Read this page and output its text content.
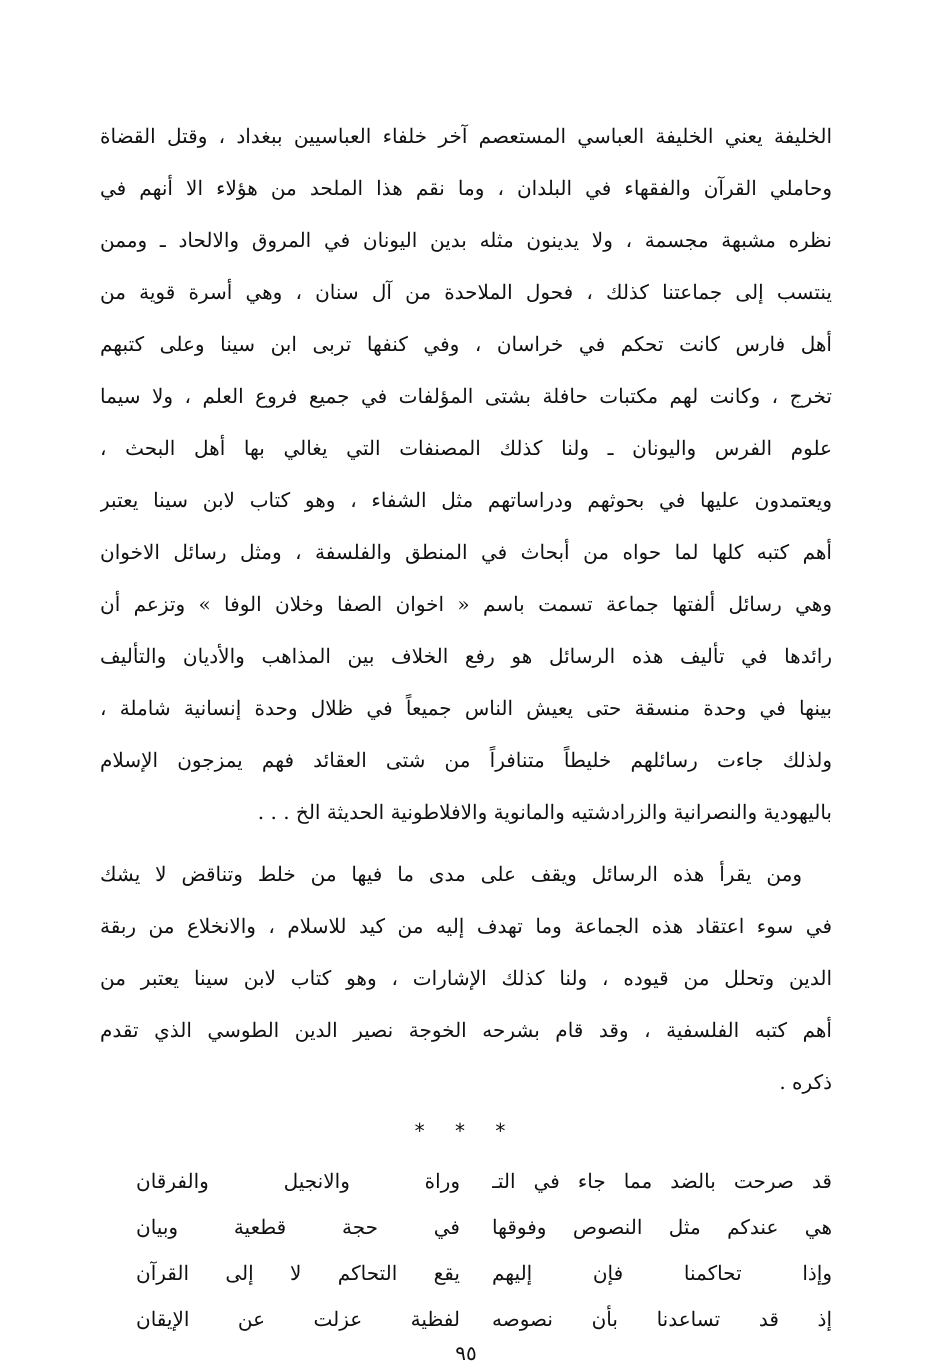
الخليفة يعني الخليفة العباسي المستعصم آخر خلفاء العباسيين ببغداد ، وقتل القضاة
وحاملي القرآن والفقهاء في البلدان ، وما نقم هذا الملحد من هؤلاء الا أنهم في
نظره مشبهة مجسمة ، ولا يدينون مثله بدين اليونان في المروق والالحاد ـ وممن
ينتسب إلى جماعتنا كذلك ، فحول الملاحدة من آل سنان ، وهي أسرة قوية من
أهل فارس كانت تحكم في خراسان ، وفي كنفها تربى ابن سينا وعلى كتبهم
تخرج ، وكانت لهم مكتبات حافلة بشتى المؤلفات في جميع فروع العلم ، ولا سيما
علوم الفرس واليونان ـ ولنا كذلك المصنفات التي يغالي بها أهل البحث ،
ويعتمدون عليها في بحوثهم ودراساتهم مثل الشفاء ، وهو كتاب لابن سينا يعتبر
أهم كتبه كلها لما حواه من أبحاث في المنطق والفلسفة ، ومثل رسائل الاخوان
وهي رسائل ألفتها جماعة تسمت باسم « اخوان الصفا وخلان الوفا » وتزعم أن
رائدها في تأليف هذه الرسائل هو رفع الخلاف بين المذاهب والأديان والتأليف
بينها في وحدة منسقة حتى يعيش الناس جميعاً في ظلال وحدة إنسانية شاملة ،
ولذلك جاءت رسائلهم خليطاً متنافراً من شتى العقائد فهم يمزجون الإسلام
باليهودية والنصرانية والزرادشتيه والمانوية والافلاطونية الحديثة الخ . . .
ومن يقرأ هذه الرسائل ويقف على مدى ما فيها من خلط وتناقض لا يشك
في سوء اعتقاد هذه الجماعة وما تهدف إليه من كيد للاسلام ، والانخلاع من ربقة
الدين وتحلل من قيوده ، ولنا كذلك الإشارات ، وهو كتاب لابن سينا يعتبر من
أهم كتبه الفلسفية ، وقد قام بشرحه الخوجة نصير الدين الطوسي الذي تقدم
ذكره .
* * *
قد صرحت بالضد مما جاء في التـ
وراة والانجيل والفرقان
هي عندكم مثل النصوص وفوقها
في حجة قطعية وبيان
وإذا تحاكمنا فإن إليهم
يقع التحاكم لا إلى القرآن
إذ قد تساعدنا بأن نصوصه
لفظية عزلت عن الإيقان
٩٥
